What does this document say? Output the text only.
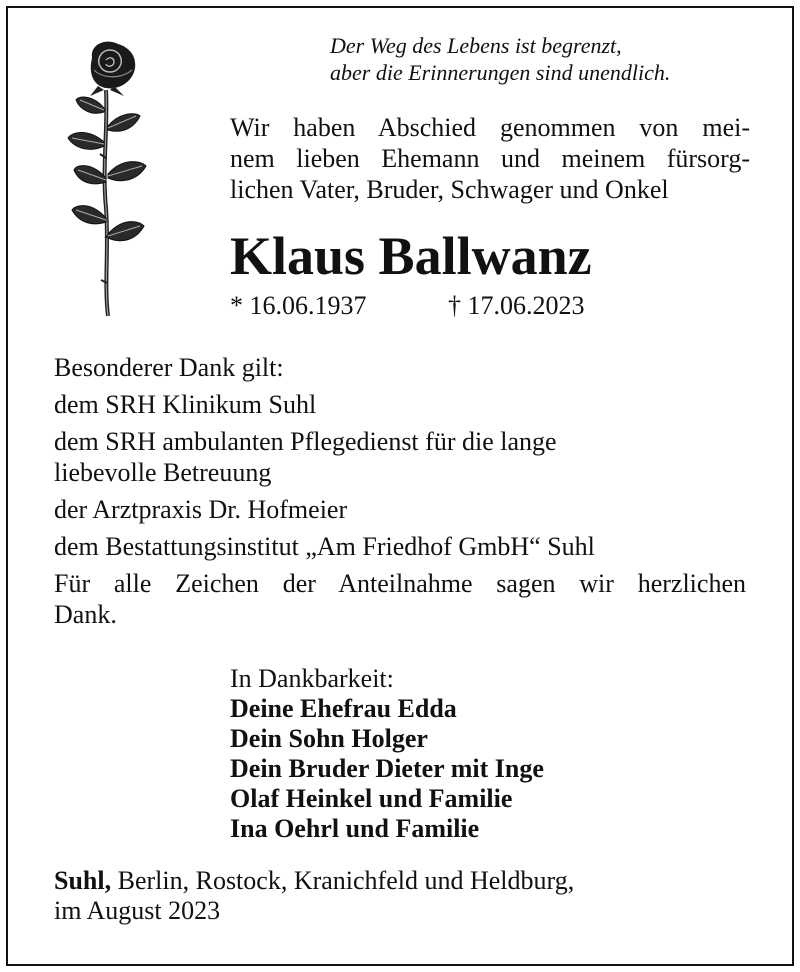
Der Weg des Lebens ist begrenzt,
aber die Erinnerungen sind unendlich.
Wir haben Abschied genommen von mei-
nem lieben Ehemann und meinem fürsorg-
lichen Vater, Bruder, Schwager und Onkel
Klaus Ballwanz
* 16.06.1937	† 17.06.2023

Besonderer Dank gilt:

dem SRH Klinikum Suhl

dem SRH ambulanten Pflegedienst für die lange

liebevolle Betreuung

der Arztpraxis Dr. Hofmeier

dem Bestattungsinstitut „Am Friedhof GmbH“ Suhl

Für alle Zeichen der Anteilnahme sagen wir herzlichen

Dank.

In Dankbarkeit:
Deine Ehefrau Edda
Dein Sohn Holger
Dein Bruder Dieter mit Inge
Olaf Heinkel und Familie
Ina Oehrl und Familie
Suhl, Berlin, Rostock, Kranichfeld und Heldburg,
im August 2023
